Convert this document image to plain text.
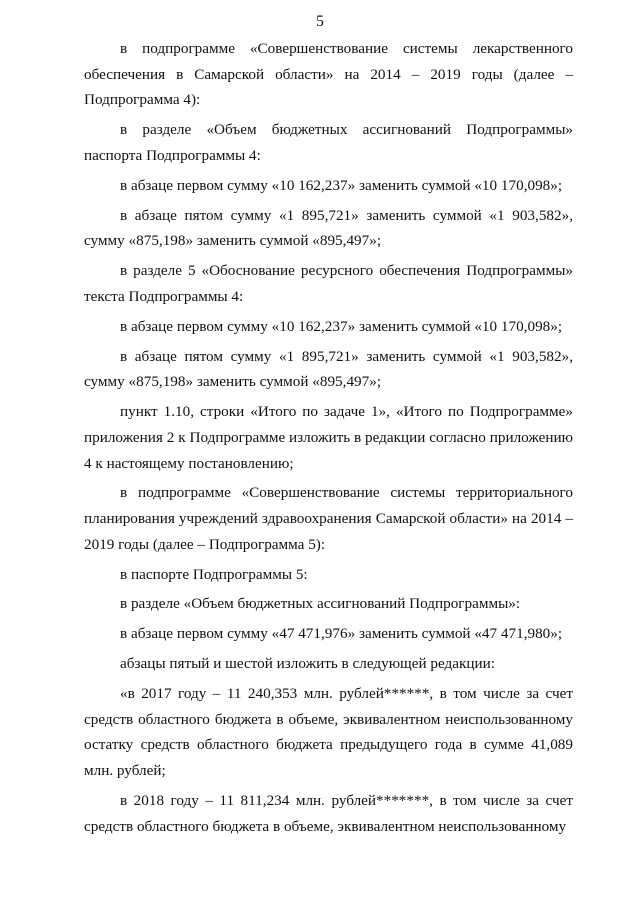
5

в подпрограмме «Совершенствование системы лекарственного обеспечения в Самарской области» на 2014 – 2019 годы (далее – Подпрограмма 4):

в разделе «Объем бюджетных ассигнований Подпрограммы» паспорта Подпрограммы 4:

в абзаце первом сумму «10 162,237» заменить суммой «10 170,098»;

в абзаце пятом сумму «1 895,721» заменить суммой «1 903,582», сумму «875,198» заменить суммой «895,497»;

в разделе 5 «Обоснование ресурсного обеспечения Подпрограммы» текста Подпрограммы 4:

в абзаце первом сумму «10 162,237» заменить суммой «10 170,098»;

в абзаце пятом сумму «1 895,721» заменить суммой «1 903,582», сумму «875,198» заменить суммой «895,497»;

пункт 1.10, строки «Итого по задаче 1», «Итого по Подпрограмме» приложения 2 к Подпрограмме изложить в редакции согласно приложению 4 к настоящему постановлению;

в подпрограмме «Совершенствование системы территориального планирования учреждений здравоохранения Самарской области» на 2014 – 2019 годы (далее – Подпрограмма 5):

в паспорте Подпрограммы 5:

в разделе «Объем бюджетных ассигнований Подпрограммы»:

в абзаце первом сумму «47 471,976» заменить суммой «47 471,980»;

абзацы пятый и шестой изложить в следующей редакции:

«в 2017 году – 11 240,353 млн. рублей******, в том числе за счет средств областного бюджета в объеме, эквивалентном неиспользованному остатку средств областного бюджета предыдущего года в сумме 41,089 млн. рублей;

в 2018 году – 11 811,234 млн. рублей*******, в том числе за счет средств областного бюджета в объеме, эквивалентном неиспользованному
